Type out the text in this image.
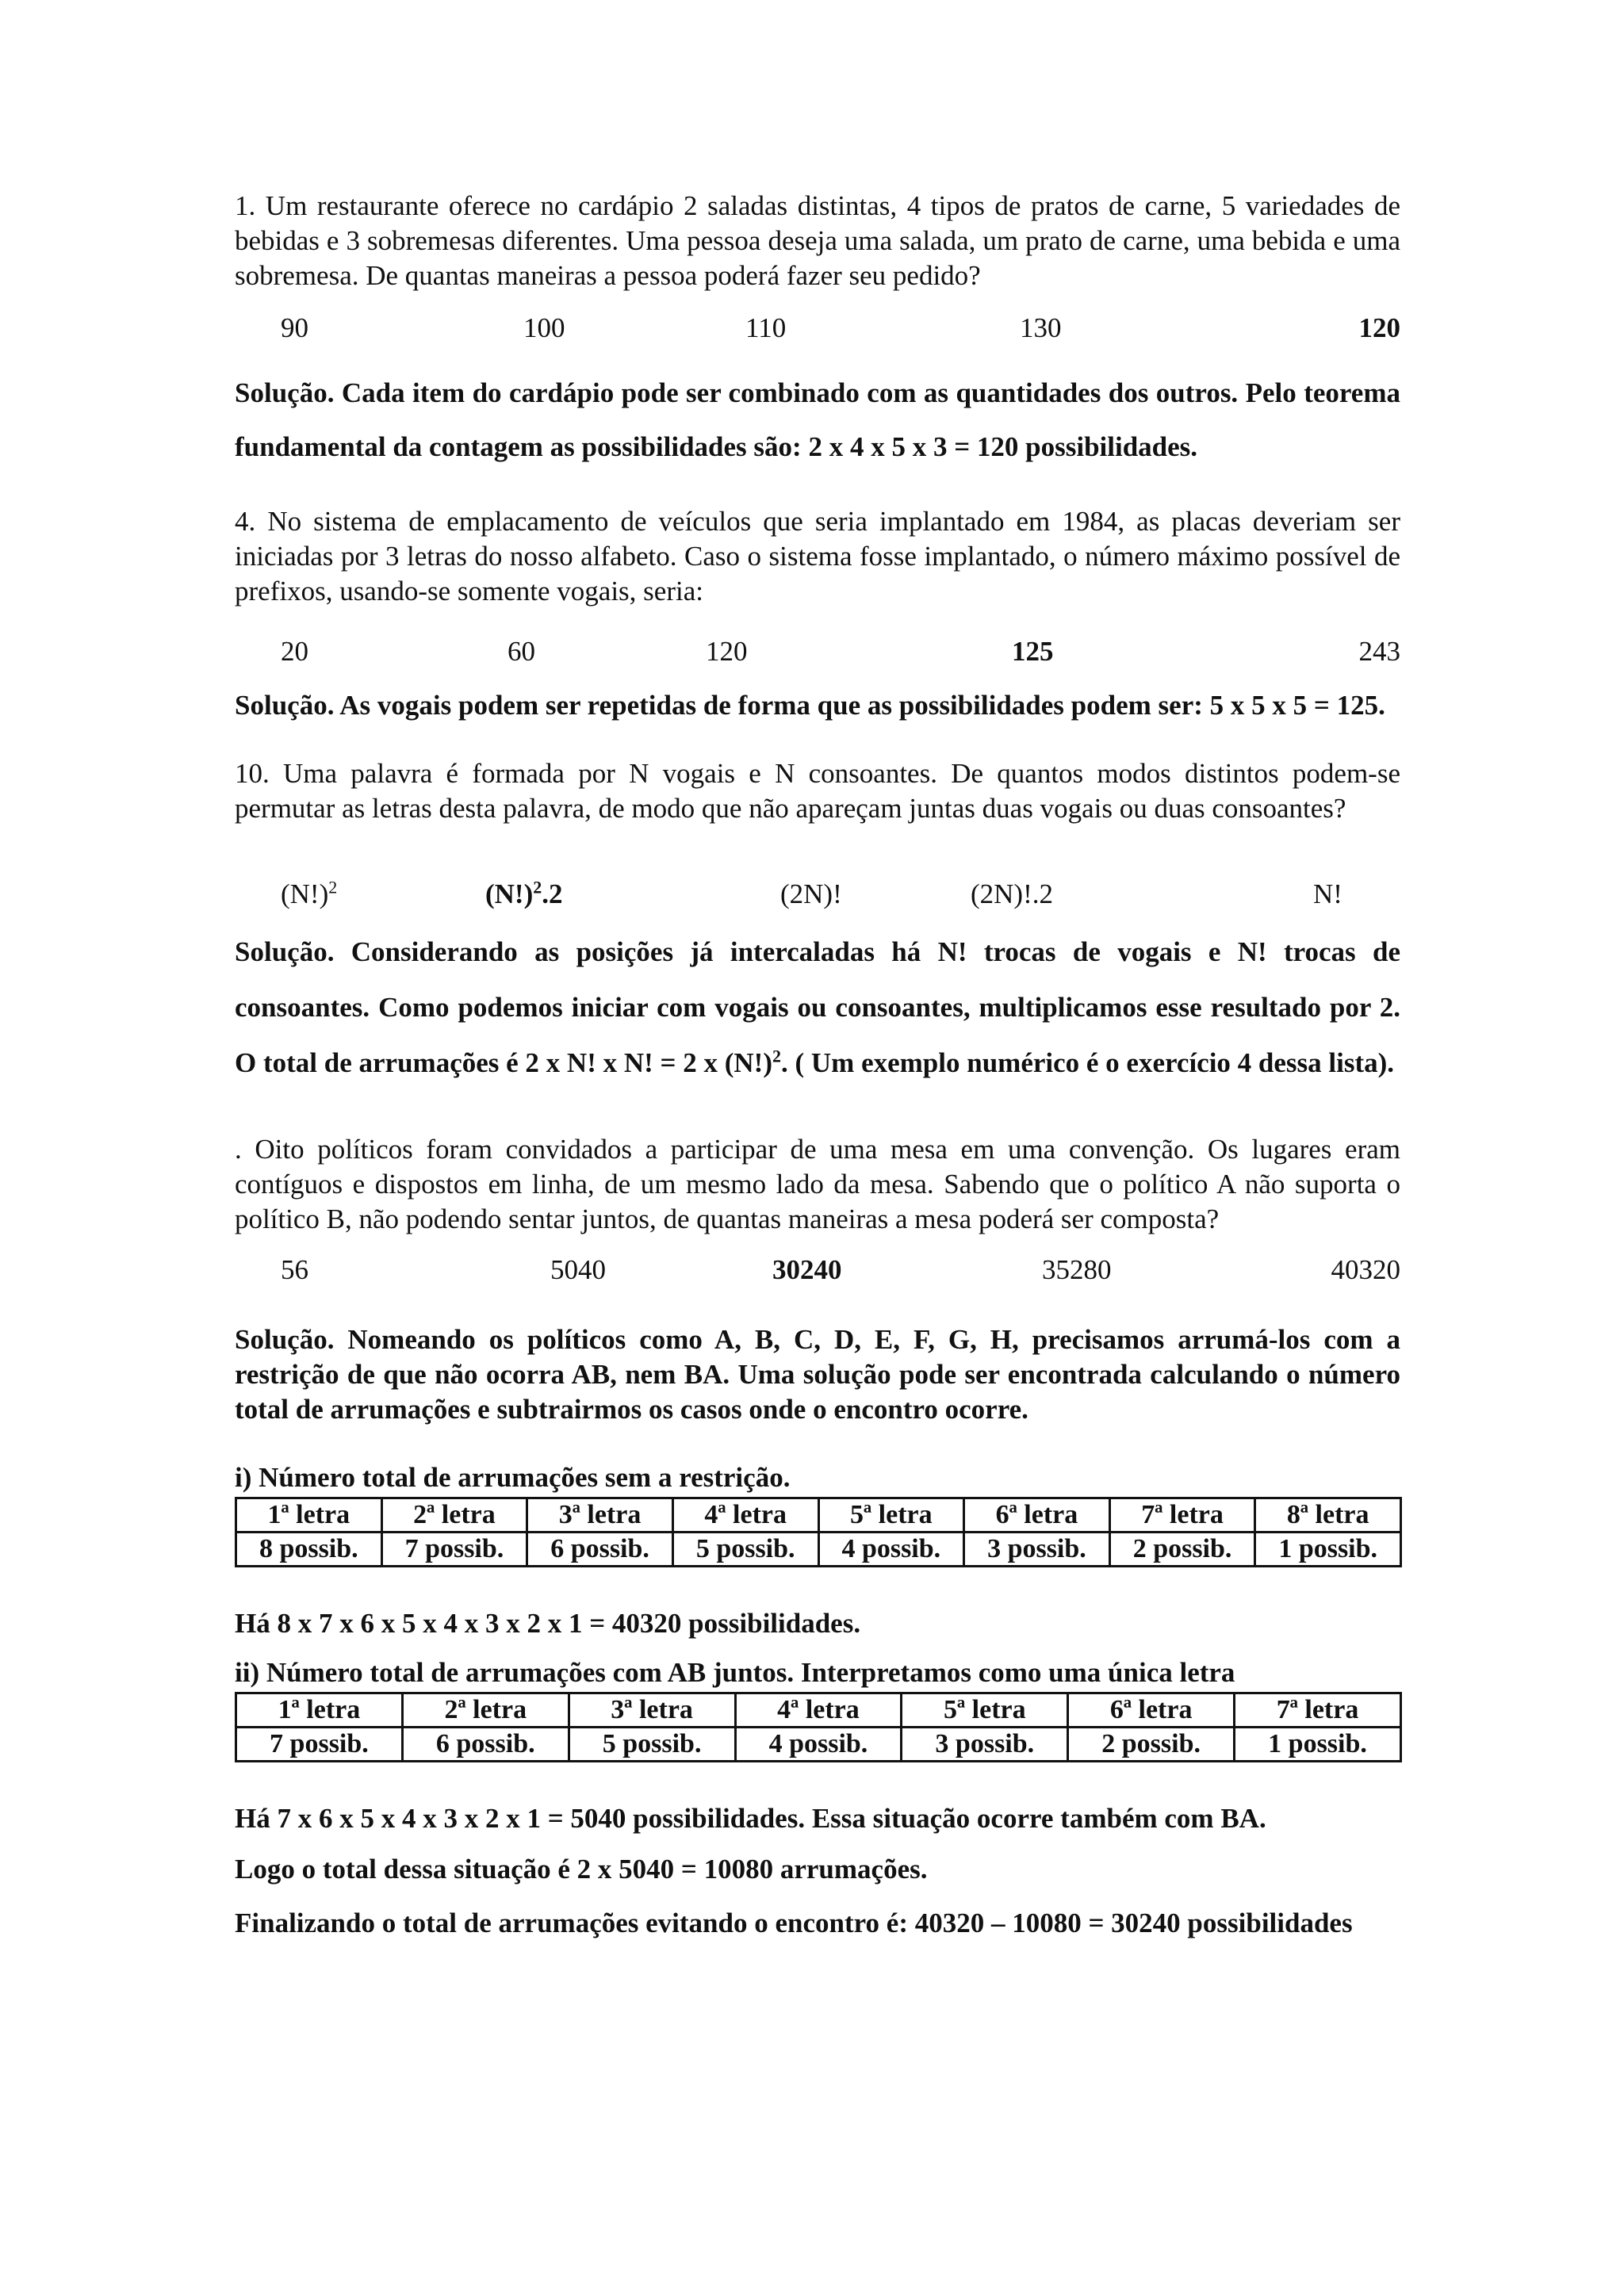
1. Um restaurante oferece no cardápio 2 saladas distintas, 4 tipos de pratos de carne, 5 variedades de bebidas e 3 sobremesas diferentes. Uma pessoa deseja uma salada, um prato de carne, uma bebida e uma sobremesa. De quantas maneiras a pessoa poderá fazer seu pedido?

90	100	110	130	120

Solução. Cada item do cardápio pode ser combinado com as quantidades dos outros. Pelo teorema fundamental da contagem as possibilidades são: 2 x 4 x 5 x 3 = 120 possibilidades.

4. No sistema de emplacamento de veículos que seria implantado em 1984, as placas deveriam ser iniciadas por 3 letras do nosso alfabeto. Caso o sistema fosse implantado, o número máximo possível de prefixos, usando-se somente vogais, seria:

20	60	120	125	243

Solução. As vogais podem ser repetidas de forma que as possibilidades podem ser: 5 x 5 x 5 = 125.

10. Uma palavra é formada por N vogais e N consoantes. De quantos modos distintos podem-se permutar as letras desta palavra, de modo que não apareçam juntas duas vogais ou duas consoantes?

$(N!)^2$	$(N!)^2.2$	(2N)!	(2N)!.2	N!

Solução. Considerando as posições já intercaladas há N! trocas de vogais e N! trocas de consoantes. Como podemos iniciar com vogais ou consoantes, multiplicamos esse resultado por 2. O total de arrumações é 2 x N! x N! = 2 x $(N!)^2$. ( Um exemplo numérico é o exercício 4 dessa lista).

. Oito políticos foram convidados a participar de uma mesa em uma convenção. Os lugares eram contíguos e dispostos em linha, de um mesmo lado da mesa. Sabendo que o político A não suporta o político B, não podendo sentar juntos, de quantas maneiras a mesa poderá ser composta?

56	5040	30240	35280	40320

Solução. Nomeando os políticos como A, B, C, D, E, F, G, H, precisamos arrumá-los com a restrição de que não ocorra AB, nem BA. Uma solução pode ser encontrada calculando o número total de arrumações e subtrairmos os casos onde o encontro ocorre.

i) Número total de arrumações sem a restrição.

1ª letra	2ª letra	3ª letra	4ª letra	5ª letra	6ª letra	7ª letra	8ª letra
8 possib.	7 possib.	6 possib.	5 possib.	4 possib.	3 possib.	2 possib.	1 possib.

Há 8 x 7 x 6 x 5 x 4 x 3 x 2 x 1 = 40320 possibilidades.

ii) Número total de arrumações com AB juntos. Interpretamos como uma única letra

1ª letra	2ª letra	3ª letra	4ª letra	5ª letra	6ª letra	7ª letra
7 possib.	6 possib.	5 possib.	4 possib.	3 possib.	2 possib.	1 possib.

Há 7 x 6 x 5 x 4 x 3 x 2 x 1 = 5040 possibilidades. Essa situação ocorre também com BA.

Logo o total dessa situação é 2 x 5040 = 10080 arrumações.

Finalizando o total de arrumações evitando o encontro é: 40320 – 10080 = 30240 possibilidades
